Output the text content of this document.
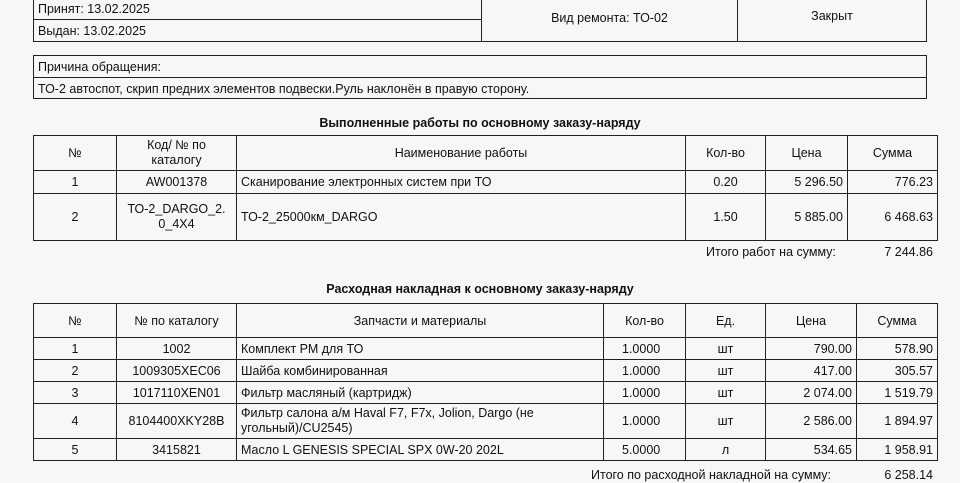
Принят: 13.02.2025
Выдан: 13.02.2025
Вид ремонта: ТО-02	Закрыт
Причина обращения:
ТО-2 автоспот, скрип предних элементов подвески.Руль наклонён в правую сторону.
Выполненные работы по основному заказу-наряду
№	Код/ № по каталогу	Наименование работы	Кол-во	Цена	Сумма
1	AW001378	Сканирование электронных систем при ТО	0.20	5 296.50	776.23
2	ТО-2_DARGO_2.0_4X4	ТО-2_25000км_DARGO	1.50	5 885.00	6 468.63
Итого работ на сумму:	7 244.86
Расходная накладная к основному заказу-наряду
№	№ по каталогу	Запчасти и материалы	Кол-во	Ед.	Цена	Сумма
1	1002	Комплект РМ для ТО	1.0000	шт	790.00	578.90
2	1009305XEC06	Шайба комбинированная	1.0000	шт	417.00	305.57
3	1017110XEN01	Фильтр масляный (картридж)	1.0000	шт	2 074.00	1 519.79
4	8104400XKY28B	Фильтр салона а/м Haval F7, F7x, Jolion, Dargo (не угольный)/CU2545)	1.0000	шт	2 586.00	1 894.97
5	3415821	Масло L GENESIS SPECIAL SPX 0W-20 202L	5.0000	л	534.65	1 958.91
Итого по расходной накладной на сумму:	6 258.14
